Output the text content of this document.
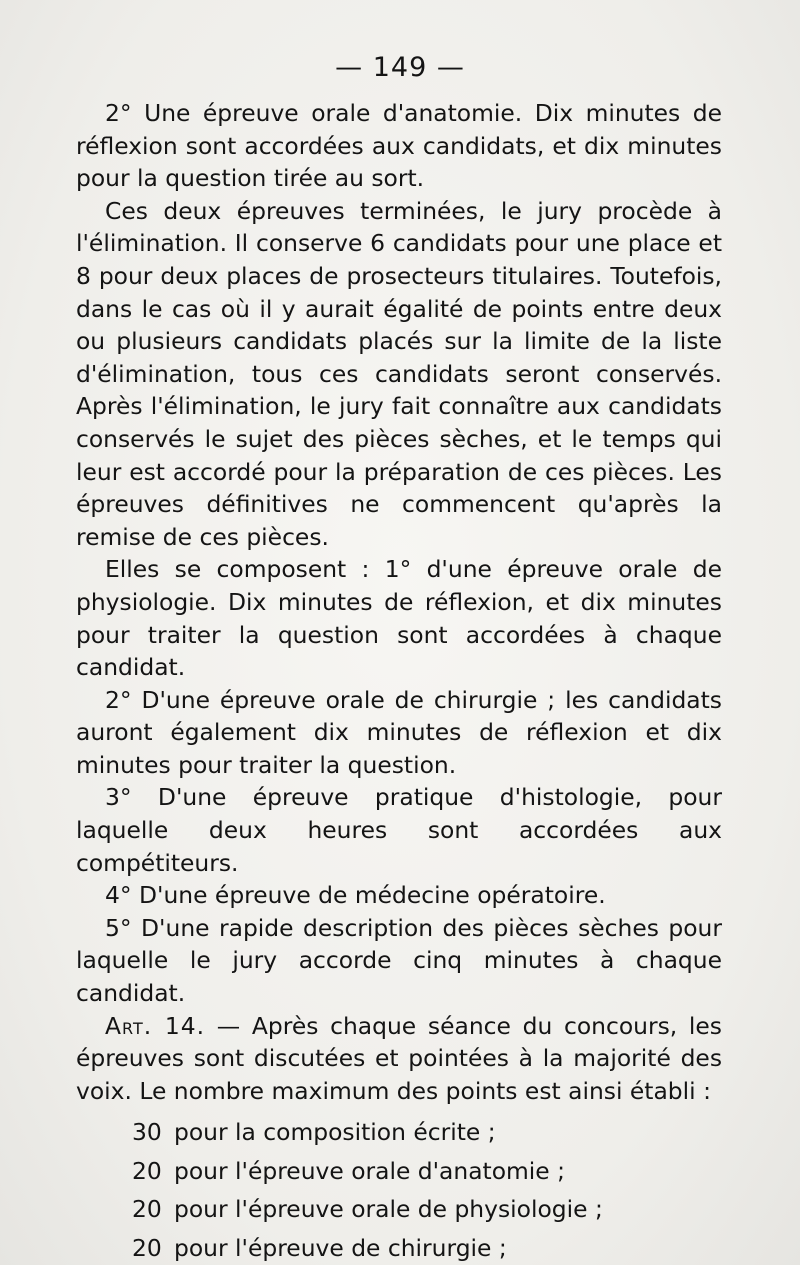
— 149 —

2° Une épreuve orale d'anatomie. Dix minutes de réflexion sont accordées aux candidats, et dix minutes pour la question tirée au sort.

Ces deux épreuves terminées, le jury procède à l'élimination. Il conserve 6 candidats pour une place et 8 pour deux places de prosecteurs titulaires. Toutefois, dans le cas où il y aurait égalité de points entre deux ou plusieurs candidats placés sur la limite de la liste d'élimination, tous ces candidats seront conservés. Après l'élimination, le jury fait connaître aux candidats conservés le sujet des pièces sèches, et le temps qui leur est accordé pour la préparation de ces pièces. Les épreuves définitives ne commencent qu'après la remise de ces pièces.

Elles se composent : 1° d'une épreuve orale de physiologie. Dix minutes de réflexion, et dix minutes pour traiter la question sont accordées à chaque candidat.

2° D'une épreuve orale de chirurgie ; les candidats auront également dix minutes de réflexion et dix minutes pour traiter la question.

3° D'une épreuve pratique d'histologie, pour laquelle deux heures sont accordées aux compétiteurs.

4° D'une épreuve de médecine opératoire.

5° D'une rapide description des pièces sèches pour laquelle le jury accorde cinq minutes à chaque candidat.

Art. 14. — Après chaque séance du concours, les épreuves sont discutées et pointées à la majorité des voix. Le nombre maximum des points est ainsi établi :

30 pour la composition écrite ;
20 pour l'épreuve orale d'anatomie ;
20 pour l'épreuve orale de physiologie ;
20 pour l'épreuve de chirurgie ;
